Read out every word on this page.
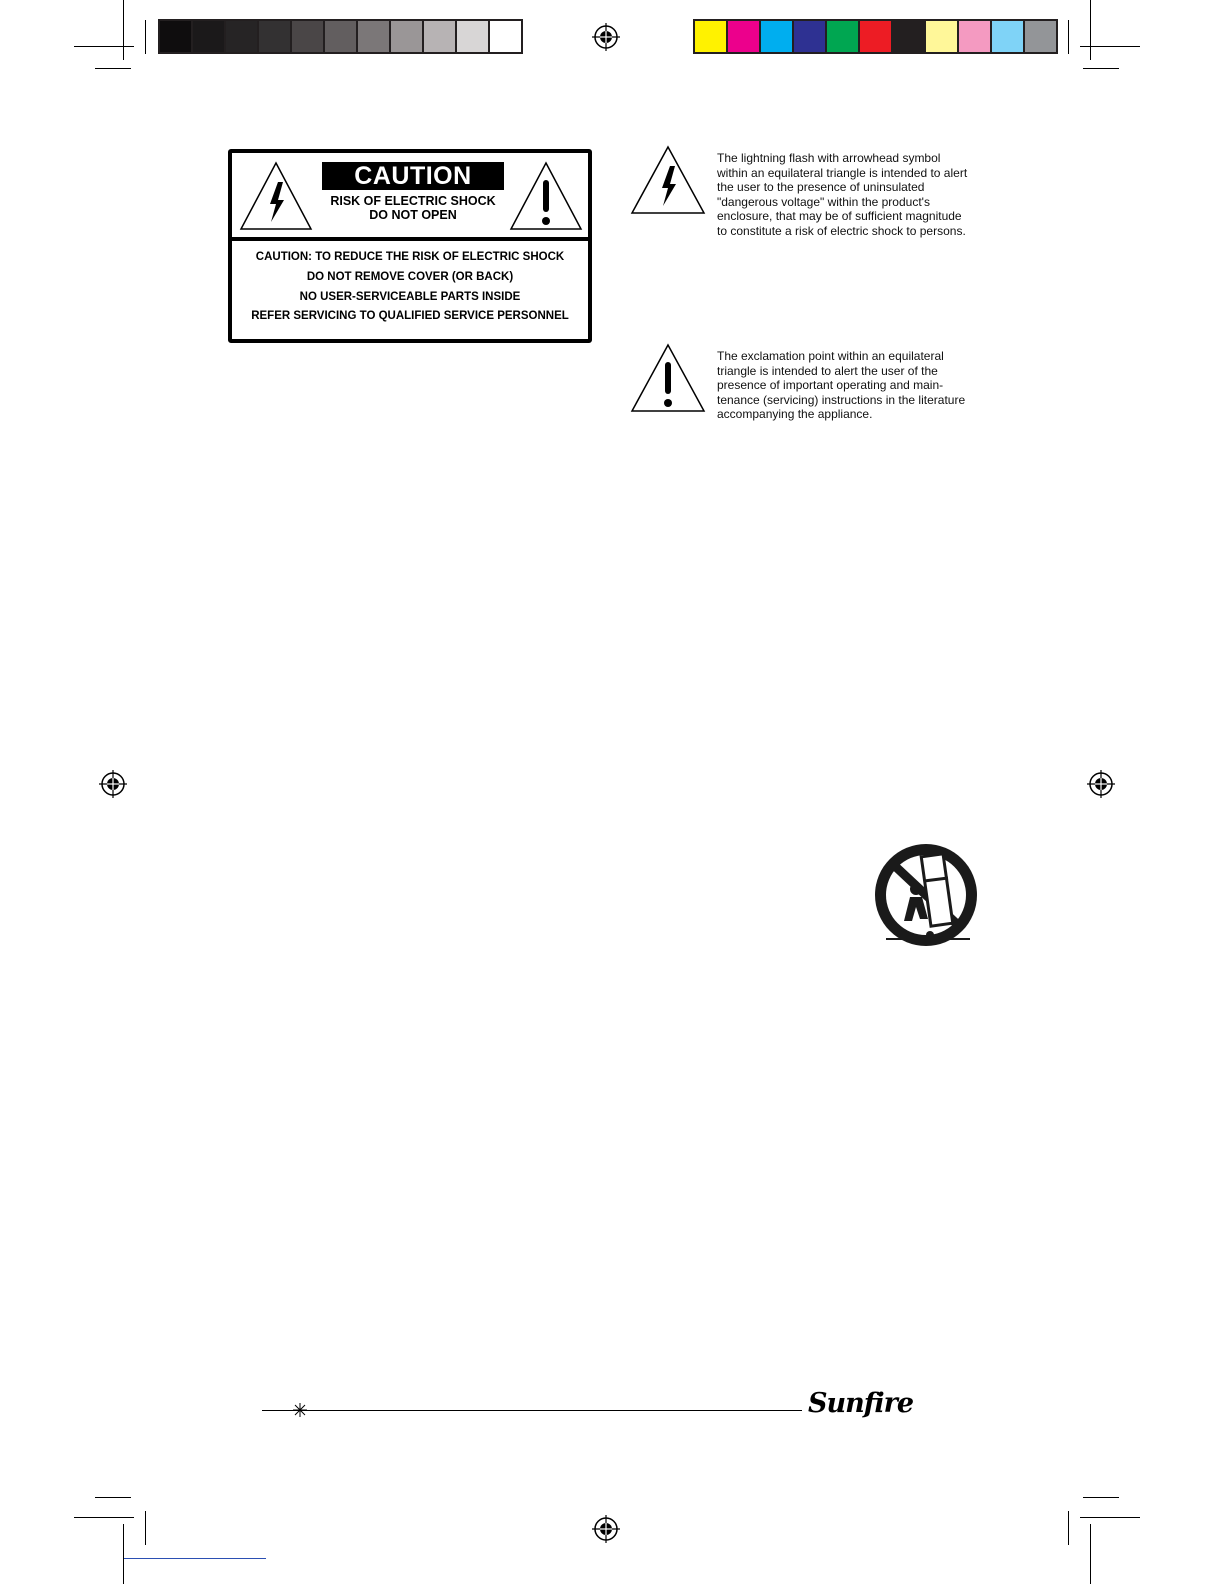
CAUTION
RISK OF ELECTRIC SHOCK
DO NOT OPEN
CAUTION: TO REDUCE THE RISK OF ELECTRIC SHOCK
DO NOT REMOVE COVER (OR BACK)
NO USER-SERVICEABLE PARTS INSIDE
REFER SERVICING TO QUALIFIED SERVICE PERSONNEL
The lightning flash with arrowhead symbol
within an equilateral triangle is intended to alert
the user to the presence of uninsulated
"dangerous voltage" within the product's
enclosure, that may be of sufficient magnitude
to constitute a risk of electric shock to persons.
The exclamation point within an equilateral
triangle is intended to alert the user of the
presence of important operating and main-
tenance (servicing) instructions in the literature
accompanying the appliance.
Sunfire
